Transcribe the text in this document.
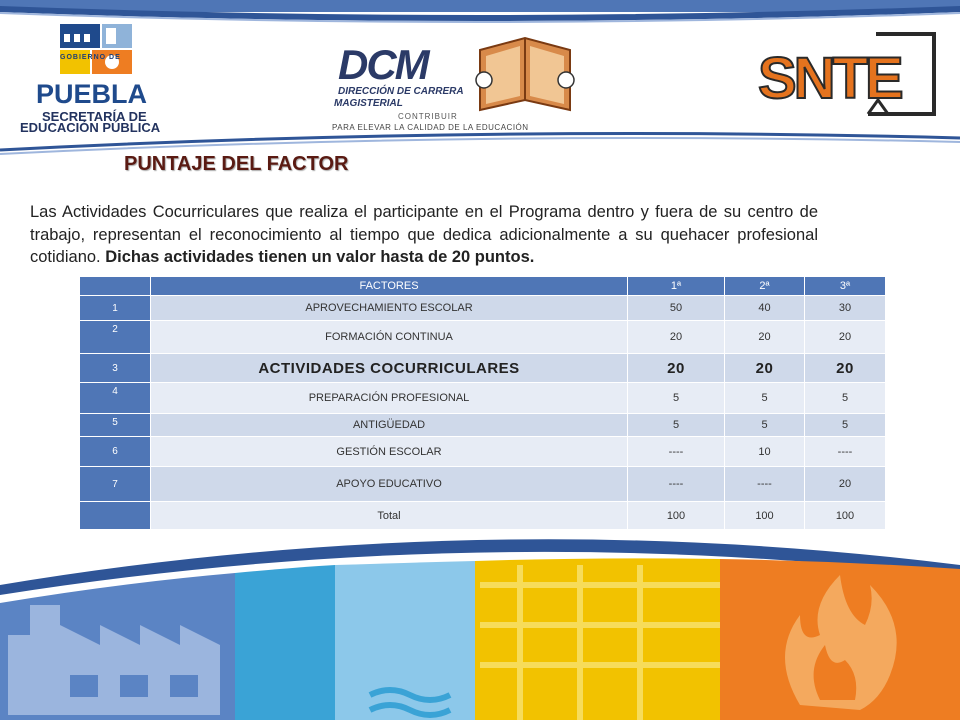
GOBIERNO DE
PUEBLA
SECRETARÍA DE
EDUCACIÓN PÚBLICA
DCM
DIRECCIÓN DE CARRERA
MAGISTERIAL
CONTRIBUIR
PARA ELEVAR LA CALIDAD DE LA EDUCACIÓN
SNTE
PUNTAJE DEL FACTOR
Las Actividades Cocurriculares que realiza el participante en el Programa dentro y fuera de su centro de trabajo, representan el reconocimiento al tiempo que dedica adicionalmente a su quehacer profesional cotidiano. Dichas actividades tienen un valor hasta de 20 puntos.
	FACTORES	1ª	2ª	3ª
1	APROVECHAMIENTO ESCOLAR	50	40	30
2	FORMACIÓN CONTINUA	20	20	20
3	ACTIVIDADES COCURRICULARES	20	20	20
4	PREPARACIÓN PROFESIONAL	5	5	5
5	ANTIGÜEDAD	5	5	5
6	GESTIÓN ESCOLAR	----	10	----
7	APOYO EDUCATIVO	----	----	20
	Total	100	100	100
